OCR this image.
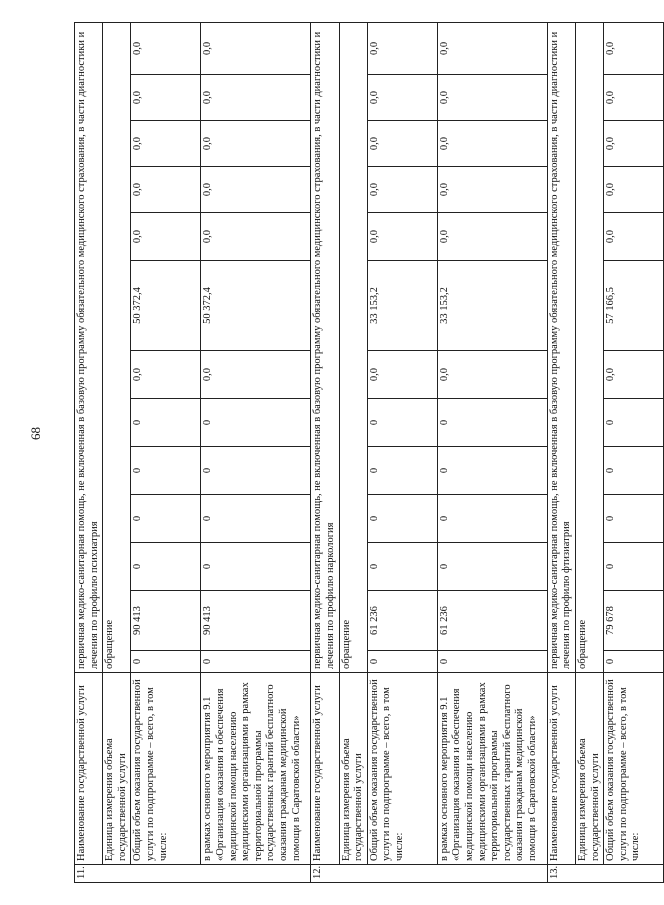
68
11.	Наименование государственной услуги	первичная медико-санитарная помощь, не включенная в базовую программу обязательного медицинского страхования, в части диагностики и лечения по профилю психиатрия												
	Единица измерения объема государственной услуги	обращение												
	Общий объем оказания государственной услуги по подпрограмме – всего, в том числе:	0	90 413	0	0	0	0	0,0	50 372,4	0,0	0,0	0,0	0,0	0,0
	в рамках основного мероприятия 9.1 «Организация оказания и обеспечения медицинской помощи населению медицинскими организациями в рамках территориальной программы государственных гарантий бесплатного оказания гражданам медицинской помощи в Саратовской области»	0	90 413	0	0	0	0	0,0	50 372,4	0,0	0,0	0,0	0,0	0,0
12.	Наименование государственной услуги	первичная медико-санитарная помощь, не включенная в базовую программу обязательного медицинского страхования, в части диагностики и лечения по профилю наркология												
	Единица измерения объема государственной услуги	обращение												
	Общий объем оказания государственной услуги по подпрограмме – всего, в том числе:	0	61 236	0	0	0	0	0,0	33 153,2	0,0	0,0	0,0	0,0	0,0
	в рамках основного мероприятия 9.1 «Организация оказания и обеспечения медицинской помощи населению медицинскими организациями в рамках территориальной программы государственных гарантий бесплатного оказания гражданам медицинской помощи в Саратовской области»	0	61 236	0	0	0	0	0,0	33 153,2	0,0	0,0	0,0	0,0	0,0
13.	Наименование государственной услуги	первичная медико-санитарная помощь, не включенная в базовую программу обязательного медицинского страхования, в части диагностики и лечения по профилю фтизиатрия												
	Единица измерения объема государственной услуги	обращение												
	Общий объем оказания государственной услуги по подпрограмме – всего, в том числе:	0	79 678	0	0	0	0	0,0	57 166,5	0,0	0,0	0,0	0,0	0,0
